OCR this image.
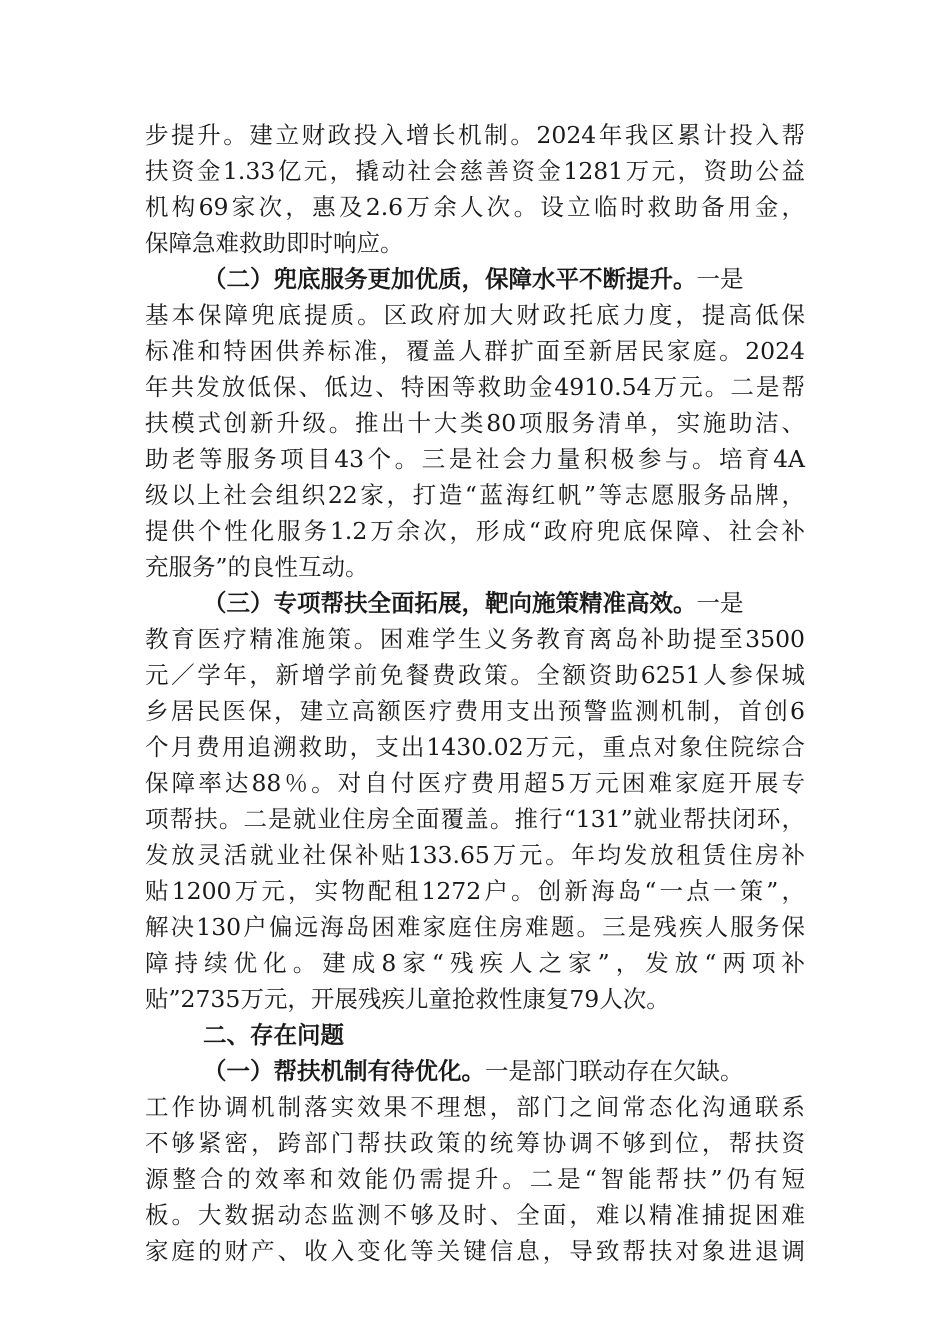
步提升。建立财政投入增长机制。2024年我区累计投入帮
扶资金1.33亿元，撬动社会慈善资金1281万元，资助公益
机构69家次，惠及2.6万余人次。设立临时救助备用金，
保障急难救助即时响应。
（二）兜底服务更加优质，保障水平不断提升。一是
基本保障兜底提质。区政府加大财政托底力度，提高低保
标准和特困供养标准，覆盖人群扩面至新居民家庭。2024
年共发放低保、低边、特困等救助金4910.54万元。二是帮
扶模式创新升级。推出十大类80项服务清单，实施助洁、
助老等服务项目43个。三是社会力量积极参与。培育4A
级以上社会组织22家，打造“蓝海红帆”等志愿服务品牌，
提供个性化服务1.2万余次，形成“政府兜底保障、社会补
充服务”的良性互动。
（三）专项帮扶全面拓展，靶向施策精准高效。一是
教育医疗精准施策。困难学生义务教育离岛补助提至3500
元／学年，新增学前免餐费政策。全额资助6251人参保城
乡居民医保，建立高额医疗费用支出预警监测机制，首创6
个月费用追溯救助，支出1430.02万元，重点对象住院综合
保障率达88％。对自付医疗费用超5万元困难家庭开展专
项帮扶。二是就业住房全面覆盖。推行“131”就业帮扶闭环，
发放灵活就业社保补贴133.65万元。年均发放租赁住房补
贴1200万元，实物配租1272户。创新海岛“一点一策”，
解决130户偏远海岛困难家庭住房难题。三是残疾人服务保
障持续优化。建成8家“残疾人之家”，发放“两项补
贴”2735万元，开展残疾儿童抢救性康复79人次。
二、存在问题
（一）帮扶机制有待优化。一是部门联动存在欠缺。
工作协调机制落实效果不理想，部门之间常态化沟通联系
不够紧密，跨部门帮扶政策的统筹协调不够到位，帮扶资
源整合的效率和效能仍需提升。二是“智能帮扶”仍有短
板。大数据动态监测不够及时、全面，难以精准捕捉困难
家庭的财产、收入变化等关键信息，导致帮扶对象进退调
